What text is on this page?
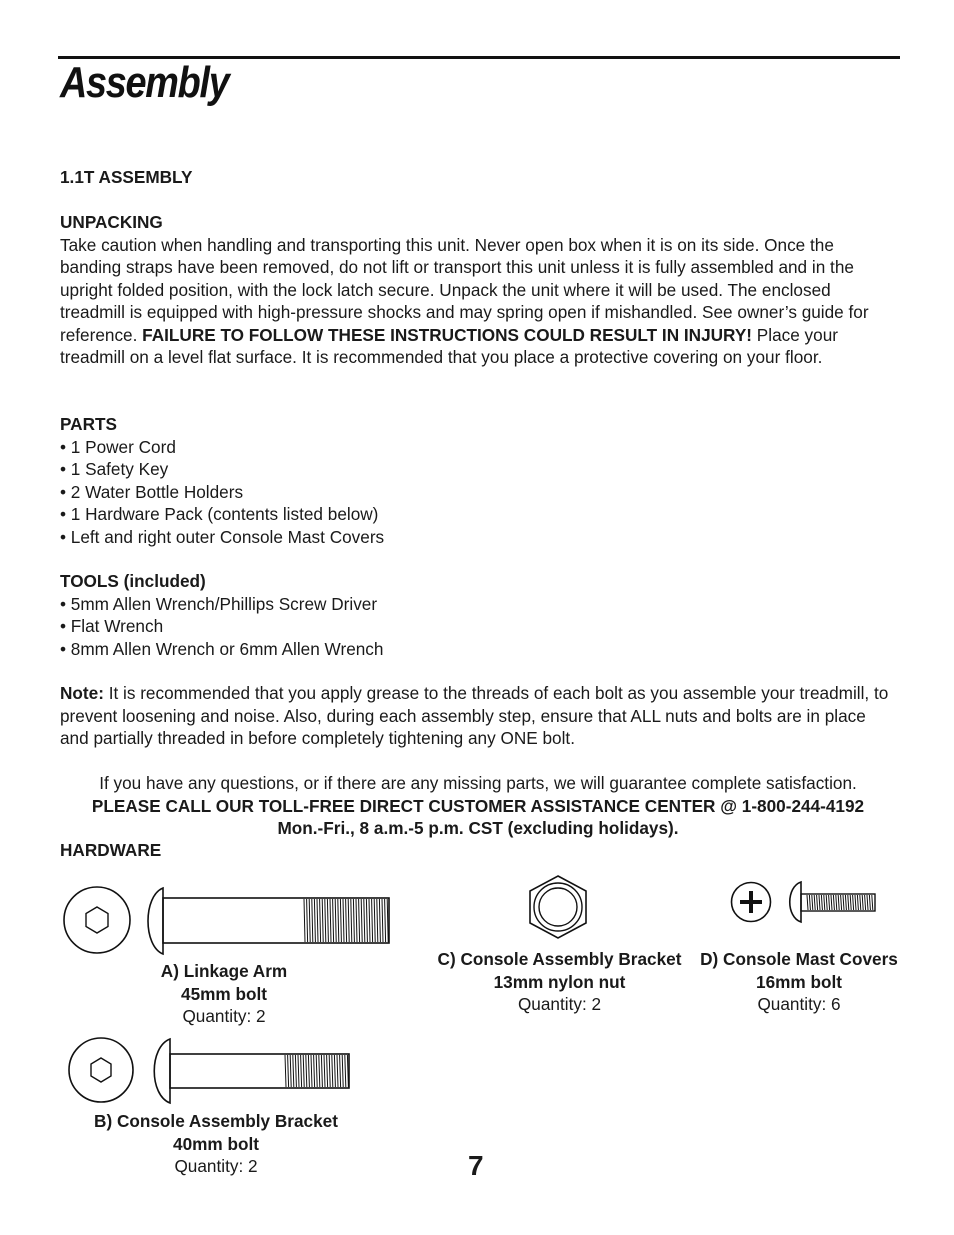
Assembly
1.1T ASSEMBLY

UNPACKING

Take caution when handling and transporting this unit. Never open box when it is on its side. Once the banding straps have been removed, do not lift or transport this unit unless it is fully assembled and in the upright folded position, with the lock latch secure. Unpack the unit where it will be used. The enclosed treadmill is equipped with high-pressure shocks and may spring open if mishandled. See owner’s guide for reference. FAILURE TO FOLLOW THESE INSTRUCTIONS COULD RESULT IN INJURY! Place your treadmill on a level flat surface. It is recommended that you place a protective covering on your floor.

PARTS

• 1 Power Cord
• 1 Safety Key
• 2 Water Bottle Holders
• 1 Hardware Pack (contents listed below)
• Left and right outer Console Mast Covers

TOOLS (included)

• 5mm Allen Wrench/Phillips Screw Driver
• Flat Wrench
• 8mm Allen Wrench or 6mm Allen Wrench

Note: It is recommended that you apply grease to the threads of each bolt as you assemble your treadmill, to prevent loosening and noise. Also, during each assembly step, ensure that ALL nuts and bolts are in place and partially threaded in before completely tightening any ONE bolt.

If you have any questions, or if there are any missing parts, we will guarantee complete satisfaction.

PLEASE CALL OUR TOLL-FREE DIRECT CUSTOMER ASSISTANCE CENTER @ 1-800-244-4192

Mon.-Fri., 8 a.m.-5 p.m. CST (excluding holidays).

HARDWARE
A) Linkage Arm
45mm bolt
Quantity: 2
B) Console Assembly Bracket
40mm bolt
Quantity: 2
C) Console Assembly Bracket
13mm nylon nut
Quantity: 2
D) Console Mast Covers
16mm bolt
Quantity: 6
7
